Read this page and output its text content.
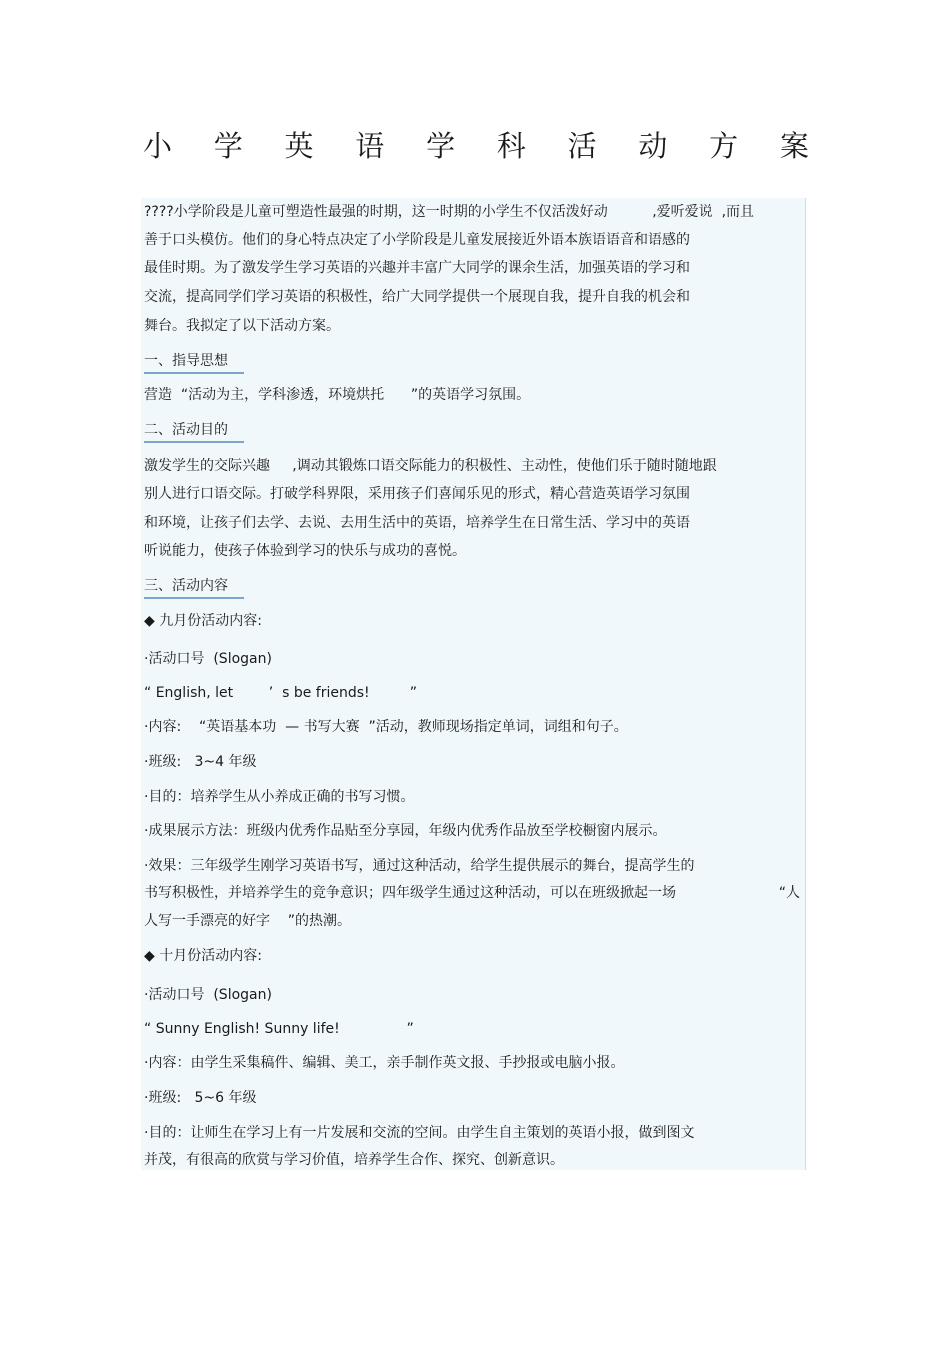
小 学 英 语 学 科 活 动 方 案
????小学阶段是儿童可塑造性最强的时期，这一时期的小学生不仅活泼好动          ,爱听爱说  ,而且
善于口头模仿。他们的身心特点决定了小学阶段是儿童发展接近外语本族语语音和语感的
最佳时期。为了激发学生学习英语的兴趣并丰富广大同学的课余生活，加强英语的学习和
交流，提高同学们学习英语的积极性，给广大同学提供一个展现自我，提升自我的机会和
舞台。我拟定了以下活动方案。
一、指导思想
营造  “活动为主，学科渗透，环境烘托      ”的英语学习氛围。
二、活动目的
激发学生的交际兴趣     ,调动其锻炼口语交际能力的积极性、主动性，使他们乐于随时随地跟
别人进行口语交际。打破学科界限，采用孩子们喜闻乐见的形式，精心营造英语学习氛围
和环境，让孩子们去学、去说、去用生活中的英语，培养学生在日常生活、学习中的英语
听说能力，使孩子体验到学习的快乐与成功的喜悦。
三、活动内容
◆ 九月份活动内容:
·活动口号  (Slogan)
“ English, let        ’  s be friends!         ”
·内容:    “英语基本功  — 书写大赛  ”活动，教师现场指定单词，词组和句子。
·班级:   3~4 年级
·目的：培养学生从小养成正确的书写习惯。
·成果展示方法：班级内优秀作品贴至分享园，年级内优秀作品放至学校橱窗内展示。
·效果：三年级学生刚学习英语书写，通过这种活动，给学生提供展示的舞台，提高学生的
书写积极性，并培养学生的竞争意识；四年级学生通过这种活动，可以在班级掀起一场	“人
人写一手漂亮的好字    ”的热潮。
◆ 十月份活动内容:
·活动口号  (Slogan)
“ Sunny English! Sunny life!               ”
·内容：由学生采集稿件、编辑、美工，亲手制作英文报、手抄报或电脑小报。
·班级:   5~6 年级
·目的：让师生在学习上有一片发展和交流的空间。由学生自主策划的英语小报，做到图文
并茂，有很高的欣赏与学习价值，培养学生合作、探究、创新意识。
